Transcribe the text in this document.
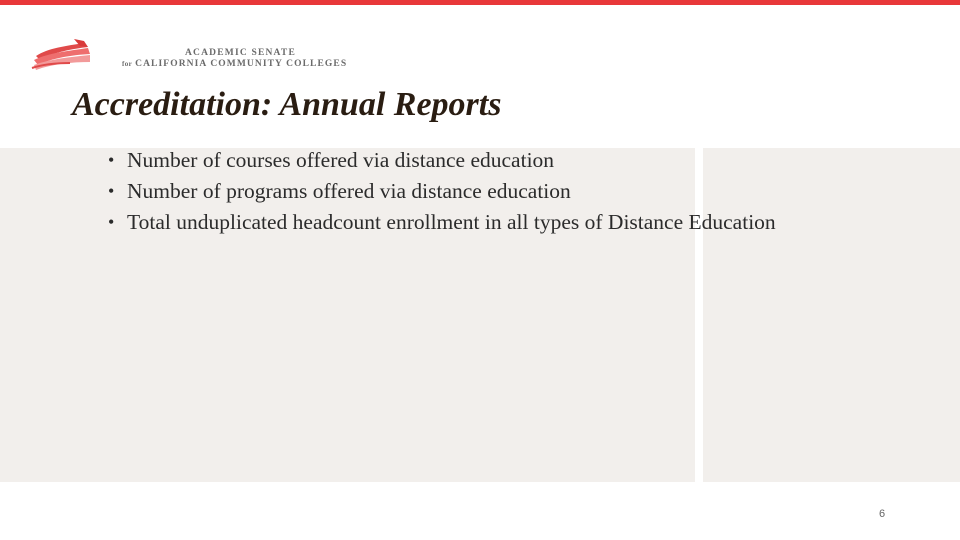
ACADEMIC SENATE
for CALIFORNIA COMMUNITY COLLEGES
Accreditation: Annual Reports
• Number of courses offered via distance education
• Number of programs offered via distance education
• Total unduplicated headcount enrollment in all types of Distance Education
6
